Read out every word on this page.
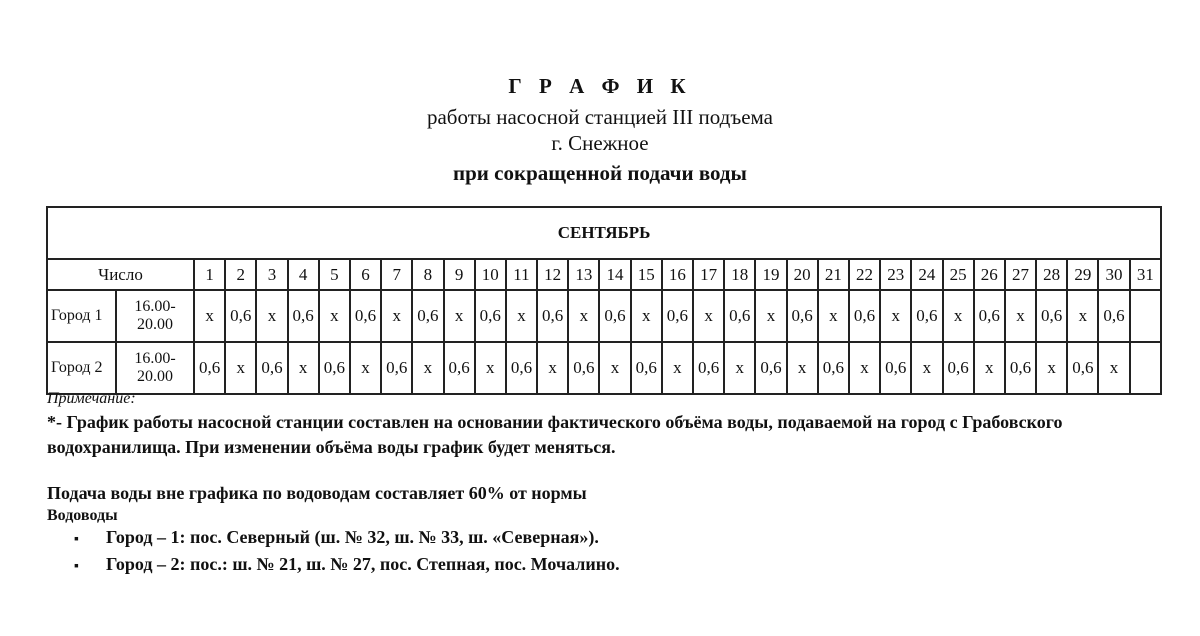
Г Р А Ф И К
работы насосной станцией III подъема
г. Снежное
при сокращенной подачи воды
СЕНТЯБРЬ																																
Число		1	2	3	4	5	6	7	8	9	10	11	12	13	14	15	16	17	18	19	20	21	22	23	24	25	26	27	28	29	30	31
Город 1	16.00-20.00	x	0,6	x	0,6	x	0,6	x	0,6	x	0,6	x	0,6	x	0,6	x	0,6	x	0,6	x	0,6	x	0,6	x	0,6	x	0,6	x	0,6	x	0,6	
Город 2	16.00-20.00	0,6	x	0,6	x	0,6	x	0,6	x	0,6	x	0,6	x	0,6	x	0,6	x	0,6	x	0,6	x	0,6	x	0,6	x	0,6	x	0,6	x	0,6	x	
Примечание:
*- График работы насосной станции составлен на основании фактического объёма воды, подаваемой на город с Грабовского водохранилища. При изменении объёма воды график будет меняться.
Подача воды вне графика по водоводам составляет 60% от нормы
Водоводы
▪ Город – 1: пос. Северный (ш. № 32, ш. № 33, ш. «Северная»).
▪ Город – 2: пос.: ш. № 21, ш. № 27, пос. Степная, пос. Мочалино.
